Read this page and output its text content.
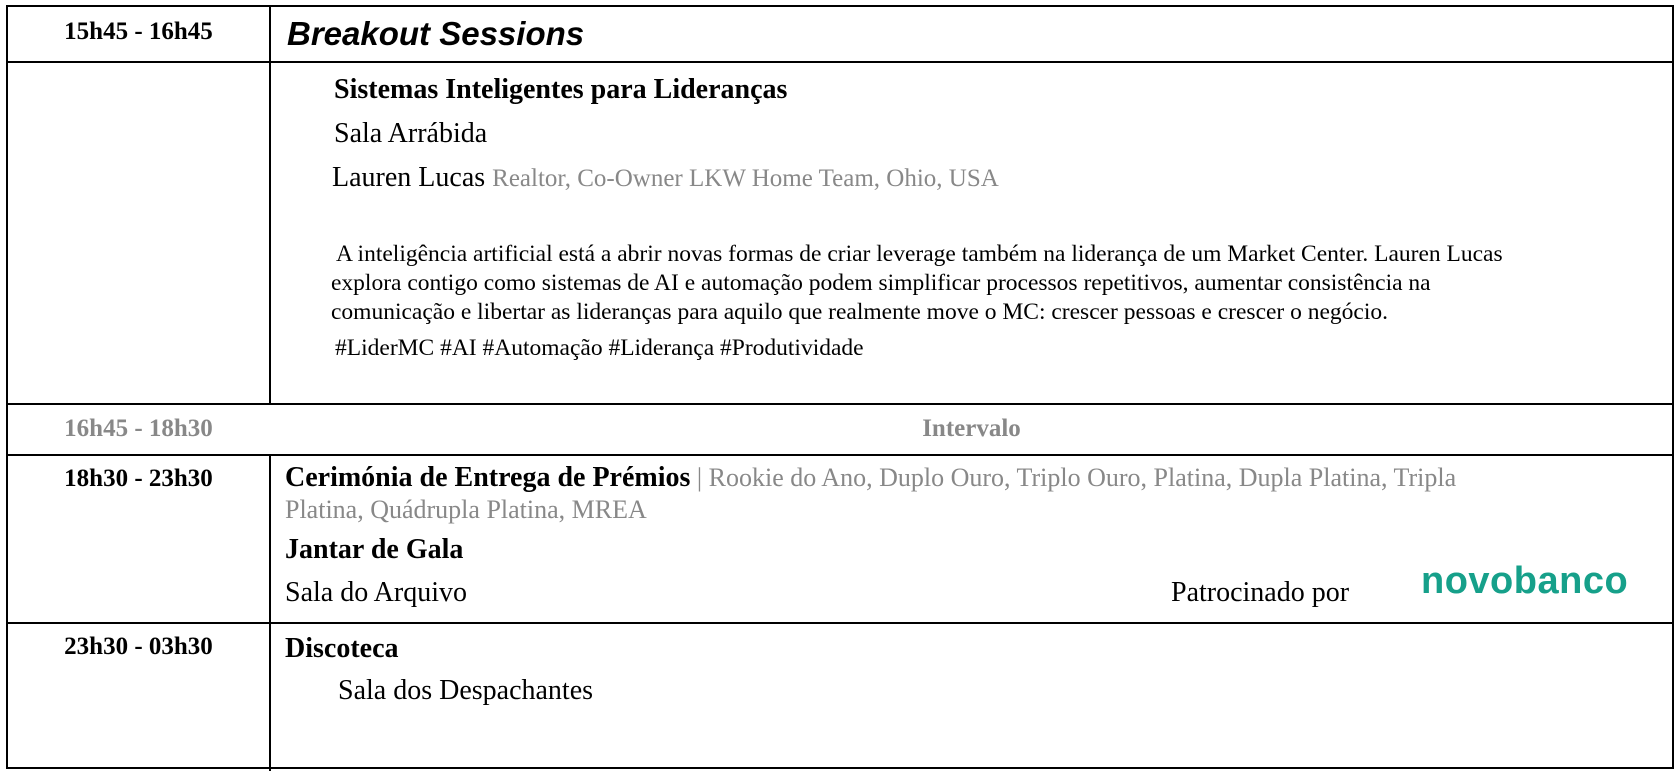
15h45 - 16h45	Breakout Sessions
Sistemas Inteligentes para Lideranças
Sala Arrábida
Lauren Lucas Realtor, Co-Owner LKW Home Team, Ohio, USA
A inteligência artificial está a abrir novas formas de criar leverage também na liderança de um Market Center. Lauren Lucas
explora contigo como sistemas de AI e automação podem simplificar processos repetitivos, aumentar consistência na
comunicação e libertar as lideranças para aquilo que realmente move o MC: crescer pessoas e crescer o negócio.
#LiderMC #AI #Automação #Liderança #Produtividade
16h45 - 18h30	Intervalo
18h30 - 23h30	Cerimónia de Entrega de Prémios | Rookie do Ano, Duplo Ouro, Triplo Ouro, Platina, Dupla Platina, Tripla
Platina, Quádrupla Platina, MREA
Jantar de Gala
Sala do Arquivo	Patrocinado por novobanco
23h30 - 03h30	Discoteca
Sala dos Despachantes
